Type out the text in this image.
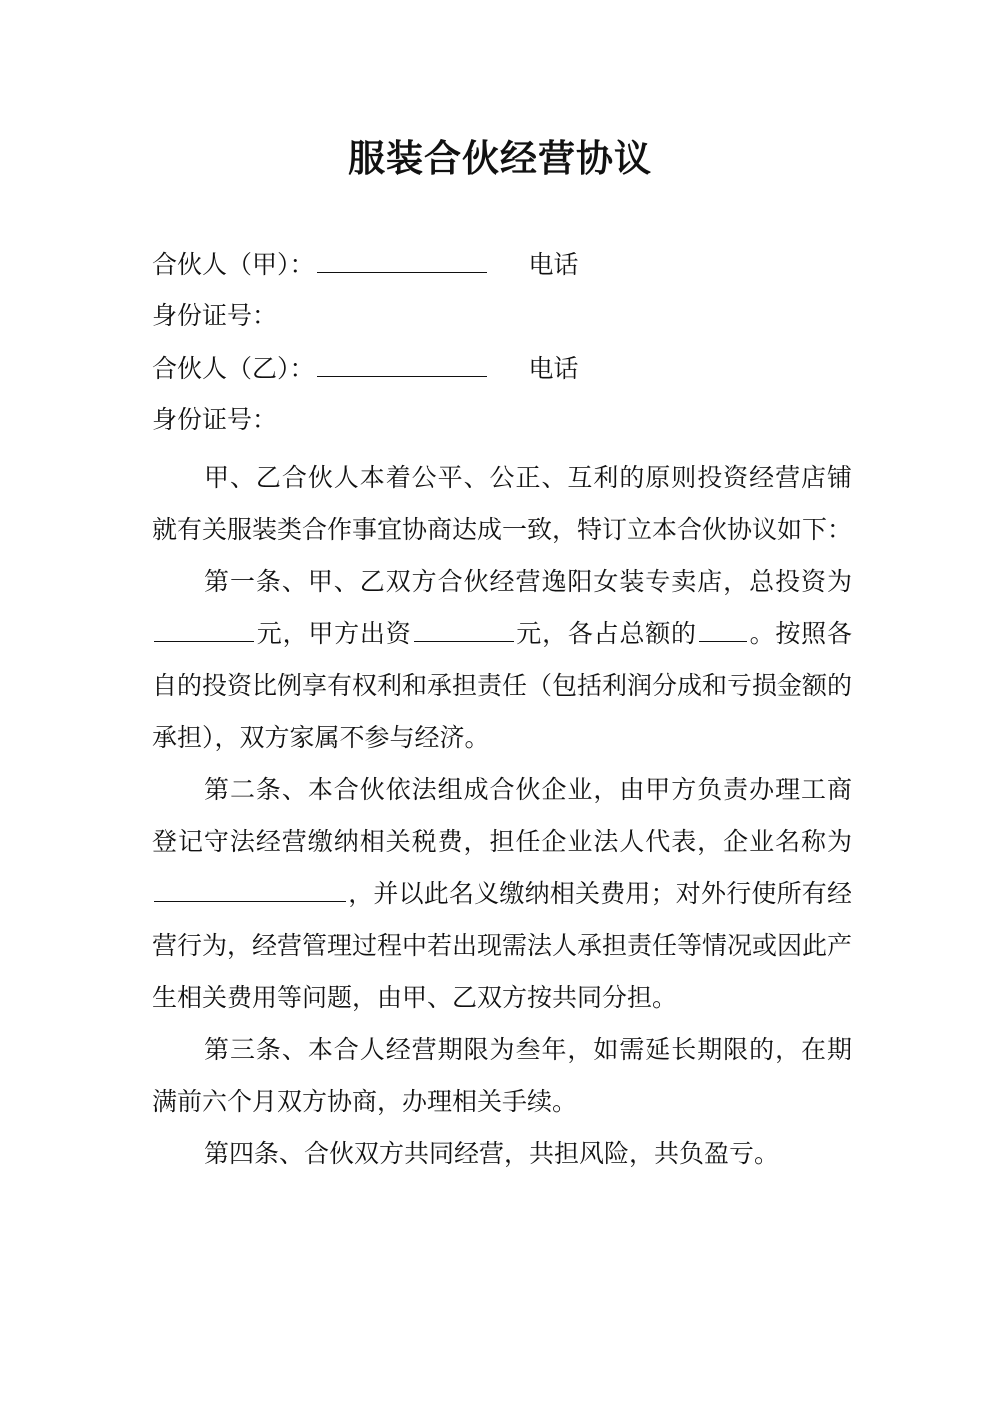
服装合伙经营协议
合伙人（甲）：	电话
身份证号：
合伙人（乙）：	电话
身份证号：

甲、乙合伙人本着公平、公正、互利的原则投资经营店铺就有关服装类合作事宜协商达成一致，特订立本合伙协议如下：

第一条、甲、乙双方合伙经营逸阳女装专卖店，总投资为元，甲方出资	元，各占总额的 。按照各自的投资比例享有权利和承担责任（包括利润分成和亏损金额的承担），双方家属不参与经济。

第二条、本合伙依法组成合伙企业，由甲方负责办理工商登记守法经营缴纳相关税费，担任企业法人代表，企业名称为，并以此名义缴纳相关费用；对外行使所有经营行为，经营管理过程中若出现需法人承担责任等情况或因此产生相关费用等问题，由甲、乙双方按共同分担。

第三条、本合人经营期限为叁年，如需延长期限的，在期满前六个月双方协商，办理相关手续。

第四条、合伙双方共同经营，共担风险，共负盈亏。
